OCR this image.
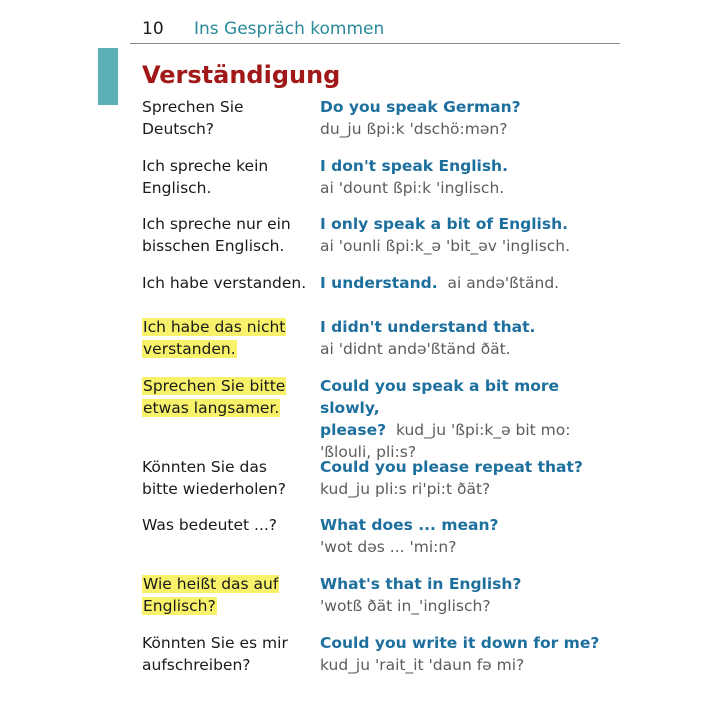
10 Ins Gespräch kommen
Verständigung
Sprechen Sie
Deutsch?
Do you speak German?
du_ju ßpi:k 'dschö:mən?
Ich spreche kein
Englisch.
I don't speak English.
ai 'dount ßpi:k 'inglisch.
Ich spreche nur ein
bisschen Englisch.
I only speak a bit of English.
ai 'ounli ßpi:k_ə 'bit_əv 'inglisch.
Ich habe verstanden. I understand. ai andə'ßtänd.
Ich habe das nicht
verstanden.
I didn't understand that.
ai 'didnt andə'ßtänd ðät.
Sprechen Sie bitte
etwas langsamer.
Could you speak a bit more slowly,
please? kud_ju 'ßpi:k_ə bit mo:
'ßlouli, pli:s?
Könnten Sie das
bitte wiederholen?
Could you please repeat that?
kud_ju pli:s ri'pi:t ðät?
Was bedeutet ...?	What does ... mean?
'wot dəs ... 'mi:n?
Wie heißt das auf
Englisch?
What's that in English?
'wotß ðät in_'inglisch?
Könnten Sie es mir
aufschreiben?
Could you write it down for me?
kud_ju 'rait_it 'daun fə mi?
